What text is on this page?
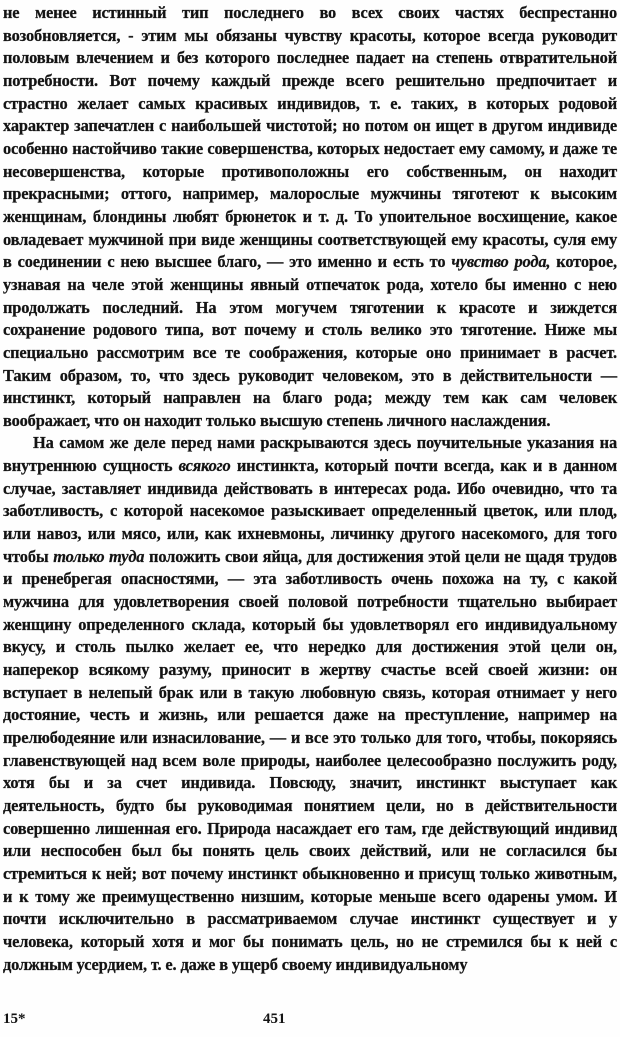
не менее истинный тип последнего во всех своих частях беспрестанно возобновляется, - этим мы обязаны чувству красоты, которое всегда руководит половым влечением и без которого последнее падает на степень отвратительной потребности. Вот почему каждый прежде всего решительно предпочитает и страстно желает самых красивых индивидов, т. е. таких, в которых родовой характер запечатлен с наибольшей чистотой; но потом он ищет в другом индивиде особенно настойчиво такие совершенства, которых недостает ему самому, и даже те несовершенства, которые противоположны его собственным, он находит прекрасными; оттого, например, малорослые мужчины тяготеют к высоким женщинам, блондины любят брюнеток и т. д. То упоительное восхищение, какое овладевает мужчиной при виде женщины соответствующей ему красоты, суля ему в соединении с нею высшее благо, — это именно и есть то чувство рода, которое, узнавая на челе этой женщины явный отпечаток рода, хотело бы именно с нею продолжать последний. На этом могучем тяготении к красоте и зиждется сохранение родового типа, вот почему и столь велико это тяготение. Ниже мы специально рассмотрим все те соображения, которые оно принимает в расчет. Таким образом, то, что здесь руководит человеком, это в действительности — инстинкт, который направлен на благо рода; между тем как сам человек воображает, что он находит только высшую степень личного наслаждения.

На самом же деле перед нами раскрываются здесь поучительные указания на внутреннюю сущность всякого инстинкта, который почти всегда, как и в данном случае, заставляет индивида действовать в интересах рода. Ибо очевидно, что та заботливость, с которой насекомое разыскивает определенный цветок, или плод, или навоз, или мясо, или, как ихневмоны, личинку другого насекомого, для того чтобы только туда положить свои яйца, для достижения этой цели не щадя трудов и пренебрегая опасностями, — эта заботливость очень похожа на ту, с какой мужчина для удовлетворения своей половой потребности тщательно выбирает женщину определенного склада, который бы удовлетворял его индивидуальному вкусу, и столь пылко желает ее, что нередко для достижения этой цели он, наперекор всякому разуму, приносит в жертву счастье всей своей жизни: он вступает в нелепый брак или в такую любовную связь, которая отнимает у него достояние, честь и жизнь, или решается даже на преступление, например на прелюбодеяние или изнасилование, — и все это только для того, чтобы, покоряясь главенствующей над всем воле природы, наиболее целесообразно послужить роду, хотя бы и за счет индивида. Повсюду, значит, инстинкт выступает как деятельность, будто бы руководимая понятием цели, но в действительности совершенно лишенная его. Природа насаждает его там, где действующий индивид или неспособен был бы понять цель своих действий, или не согласился бы стремиться к ней; вот почему инстинкт обыкновенно и присущ только животным, и к тому же преимущественно низшим, которые меньше всего одарены умом. И почти исключительно в рассматриваемом случае инстинкт существует и у человека, который хотя и мог бы понимать цель, но не стремился бы к ней с должным усердием, т. е. даже в ущерб своему индивидуальному

15*	451
